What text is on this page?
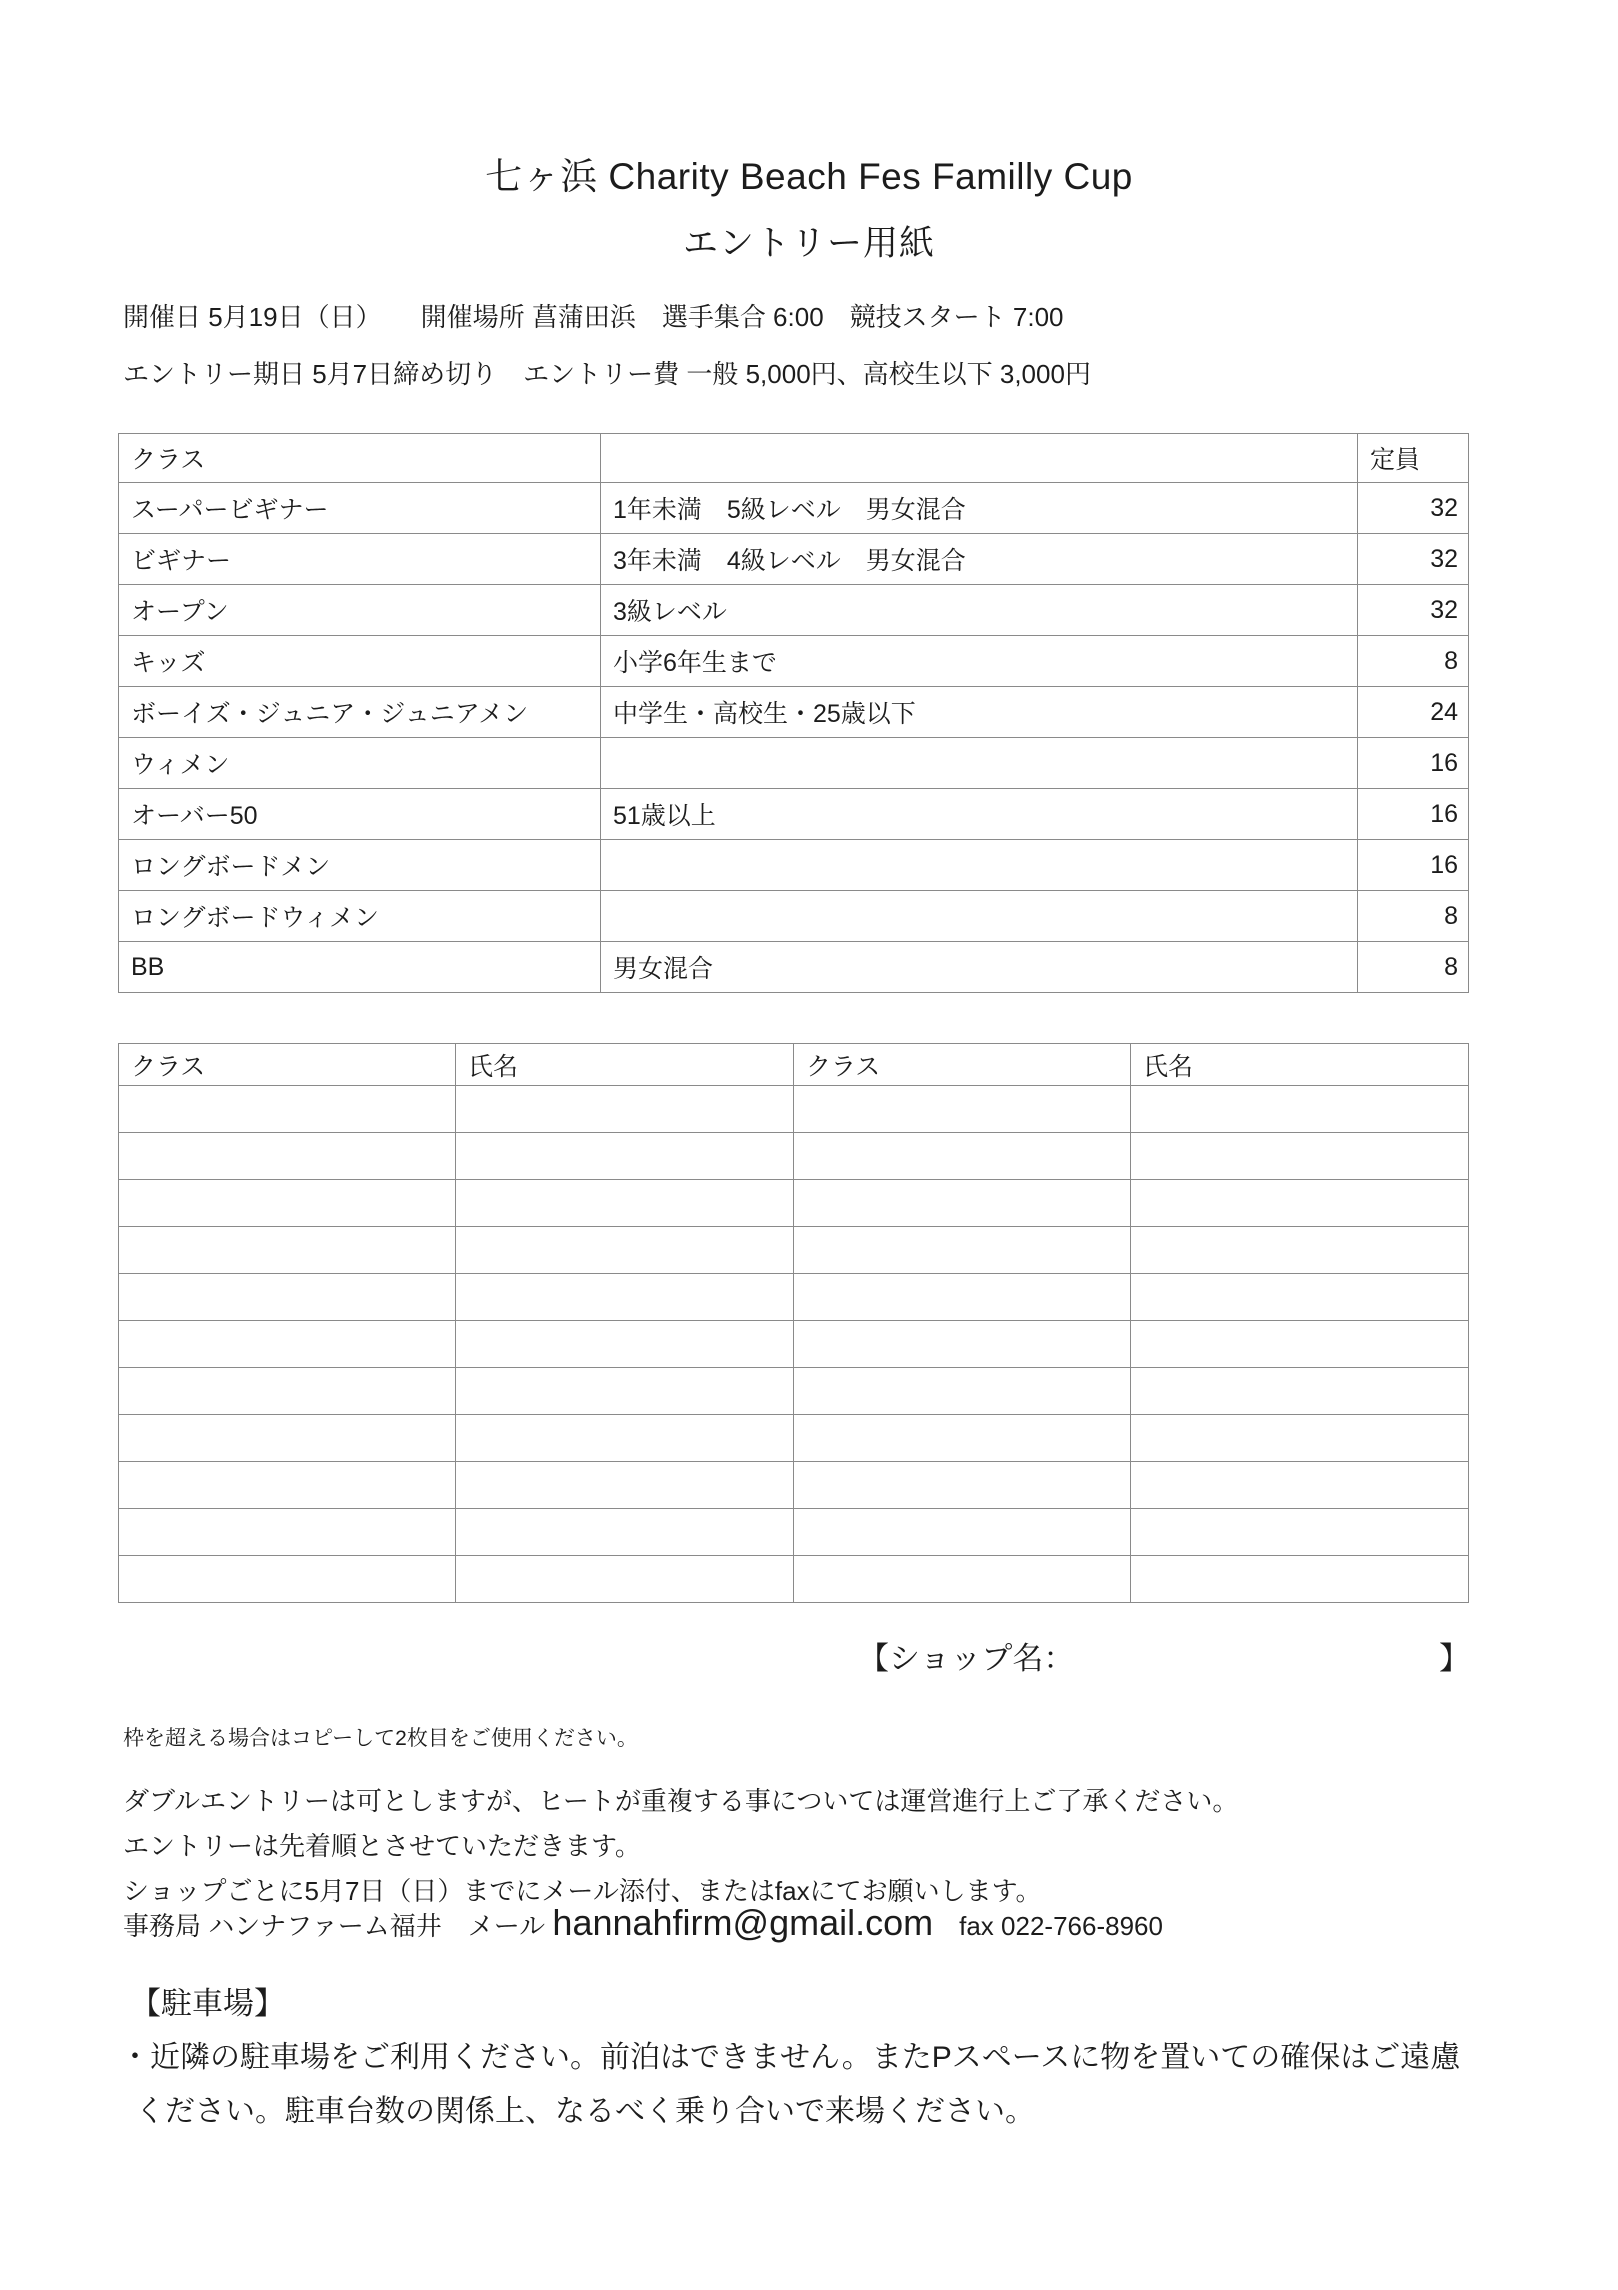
七ヶ浜 Charity Beach Fes Familly Cup
エントリー用紙
開催日 5月19日（日）　　開催場所 菖蒲田浜　選手集合 6:00　競技スタート 7:00
エントリー期日 5月7日締め切り　エントリー費 一般 5,000円、高校生以下 3,000円
クラス		定員
スーパービギナー	1年未満　5級レベル　男女混合	32
ビギナー	3年未満　4級レベル　男女混合	32
オープン	3級レベル	32
キッズ	小学6年生まで	8
ボーイズ・ジュニア・ジュニアメン	中学生・高校生・25歳以下	24
ウィメン		16
オーバー50	51歳以上	16
ロングボードメン		16
ロングボードウィメン		8
BB	男女混合	8
クラス	氏名	クラス	氏名

【ショップ名：	】
枠を超える場合はコピーして2枚目をご使用ください。
ダブルエントリーは可としますが、ヒートが重複する事については運営進行上ご了承ください。
エントリーは先着順とさせていただきます。
ショップごとに5月7日（日）までにメール添付、またはfaxにてお願いします。
事務局 ハンナファーム福井　メール hannahfirm@gmail.com fax 022-766-8960
【駐車場】
・近隣の駐車場をご利用ください。前泊はできません。またPスペースに物を置いての確保はご遠慮
ください。駐車台数の関係上、なるべく乗り合いで来場ください。
